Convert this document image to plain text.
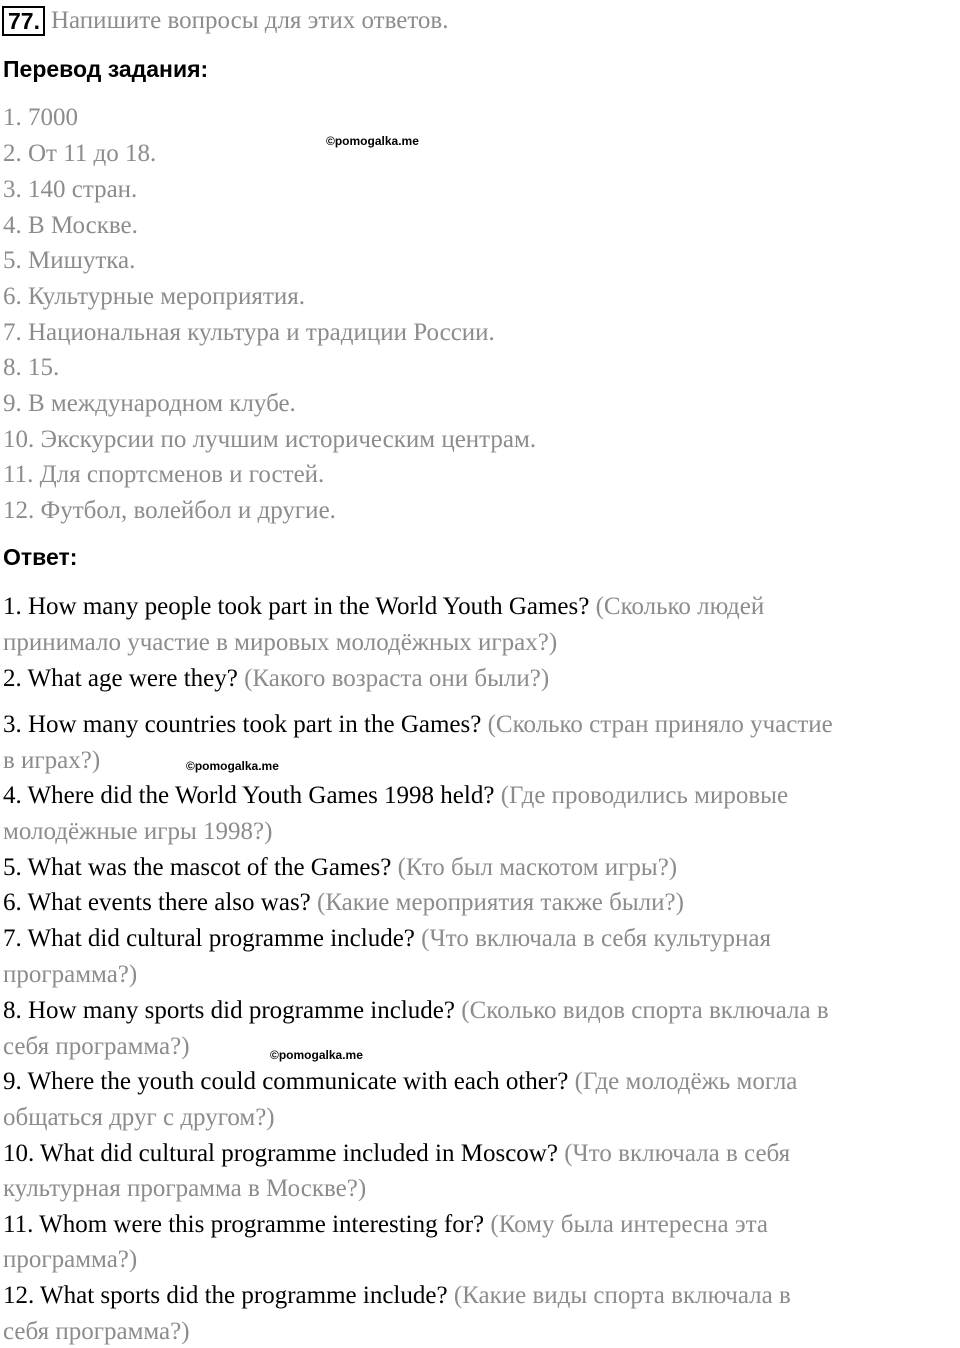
77. Напишите вопросы для этих ответов.
Перевод задания:
1. 7000
2. От 11 до 18.
3. 140 стран.
4. В Москве.
5. Мишутка.
6. Культурные мероприятия.
7. Национальная культура и традиции России.
8. 15.
9. В международном клубе.
10. Экскурсии по лучшим историческим центрам.
11. Для спортсменов и гостей.
12. Футбол, волейбол и другие.
Ответ:
1. How many people took part in the World Youth Games? (Сколько людей
принимало участие в мировых молодёжных играх?)
2. What age were they? (Какого возраста они были?)
3. How many countries took part in the Games? (Сколько стран приняло участие
в играх?)
4. Where did the World Youth Games 1998 held? (Где проводились мировые
молодёжные игры 1998?)
5. What was the mascot of the Games? (Кто был маскотом игры?)
6. What events there also was? (Какие мероприятия также были?)
7. What did cultural programme include? (Что включала в себя культурная
программа?)
8. How many sports did programme include? (Сколько видов спорта включала в
себя программа?)
9. Where the youth could communicate with each other? (Где молодёжь могла
общаться друг с другом?)
10. What did cultural programme included in Moscow? (Что включала в себя
культурная программа в Москве?)
11. Whom were this programme interesting for? (Кому была интересна эта
программа?)
12. What sports did the programme include? (Какие виды спорта включала в
себя программа?)
©pomogalka.me
©pomogalka.me
©pomogalka.me
